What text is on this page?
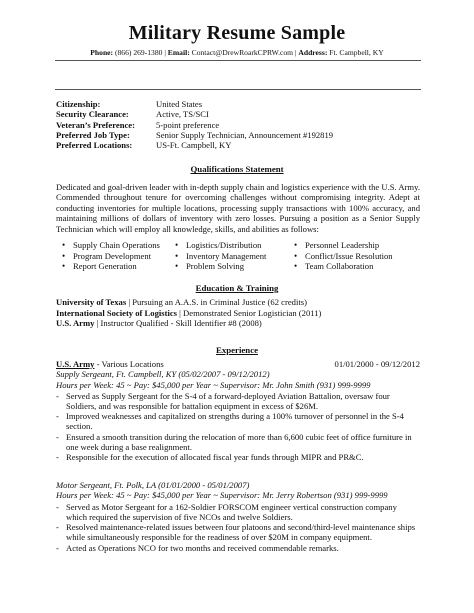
Military Resume Sample
Phone: (866) 269-1380 | Email: Contact@DrewRoarkCPRW.com | Address: Ft. Campbell, KY
Citizenship:	United States
Security Clearance:	Active, TS/SCI
Veteran’s Preference: 5-point preference
Preferred Job Type:	Senior Supply Technician, Announcement #192819
Preferred Locations:	US-Ft. Campbell, KY
Qualifications Statement
Dedicated and goal-driven leader with in-depth supply chain and logistics experience with the U.S. Army. Commended throughout tenure for overcoming challenges without compromising integrity. Adept at conducting inventories for multiple locations, processing supply transactions with 100% accuracy, and maintaining millions of dollars of inventory with zero losses. Pursuing a position as a Senior Supply Technician which will employ all knowledge, skills, and abilities as follows:
• Supply Chain Operations	• Logistics/Distribution	• Personnel Leadership
• Program Development	• Inventory Management	• Conflict/Issue Resolution
• Report Generation	• Problem Solving	• Team Collaboration
Education & Training
University of Texas | Pursuing an A.A.S. in Criminal Justice (62 credits)
International Society of Logistics | Demonstrated Senior Logistician (2011)
U.S. Army | Instructor Qualified - Skill Identifier #8 (2008)
Experience
U.S. Army - Various Locations	01/01/2000 - 09/12/2012
Supply Sergeant, Ft. Campbell, KY (05/02/2007 - 09/12/2012)
Hours per Week: 45 ~ Pay: $45,000 per Year ~ Supervisor: Mr. John Smith (931) 999-9999
- Served as Supply Sergeant for the S-4 of a forward-deployed Aviation Battalion, oversaw four Soldiers, and was responsible for battalion equipment in excess of $26M.
- Improved weaknesses and capitalized on strengths during a 100% turnover of personnel in the S-4 section.
- Ensured a smooth transition during the relocation of more than 6,600 cubic feet of office furniture in one week during a base realignment.
- Responsible for the execution of allocated fiscal year funds through MIPR and PR&C.
Motor Sergeant, Ft. Polk, LA (01/01/2000 - 05/01/2007)
Hours per Week: 45 ~ Pay: $45,000 per Year ~ Supervisor: Mr. Jerry Robertson (931) 999-9999
- Served as Motor Sergeant for a 162-Soldier FORSCOM engineer vertical construction company which required the supervision of five NCOs and twelve Soldiers.
- Resolved maintenance-related issues between four platoons and second/third-level maintenance ships while simultaneously responsible for the readiness of over $20M in company equipment.
- Acted as Operations NCO for two months and received commendable remarks.
